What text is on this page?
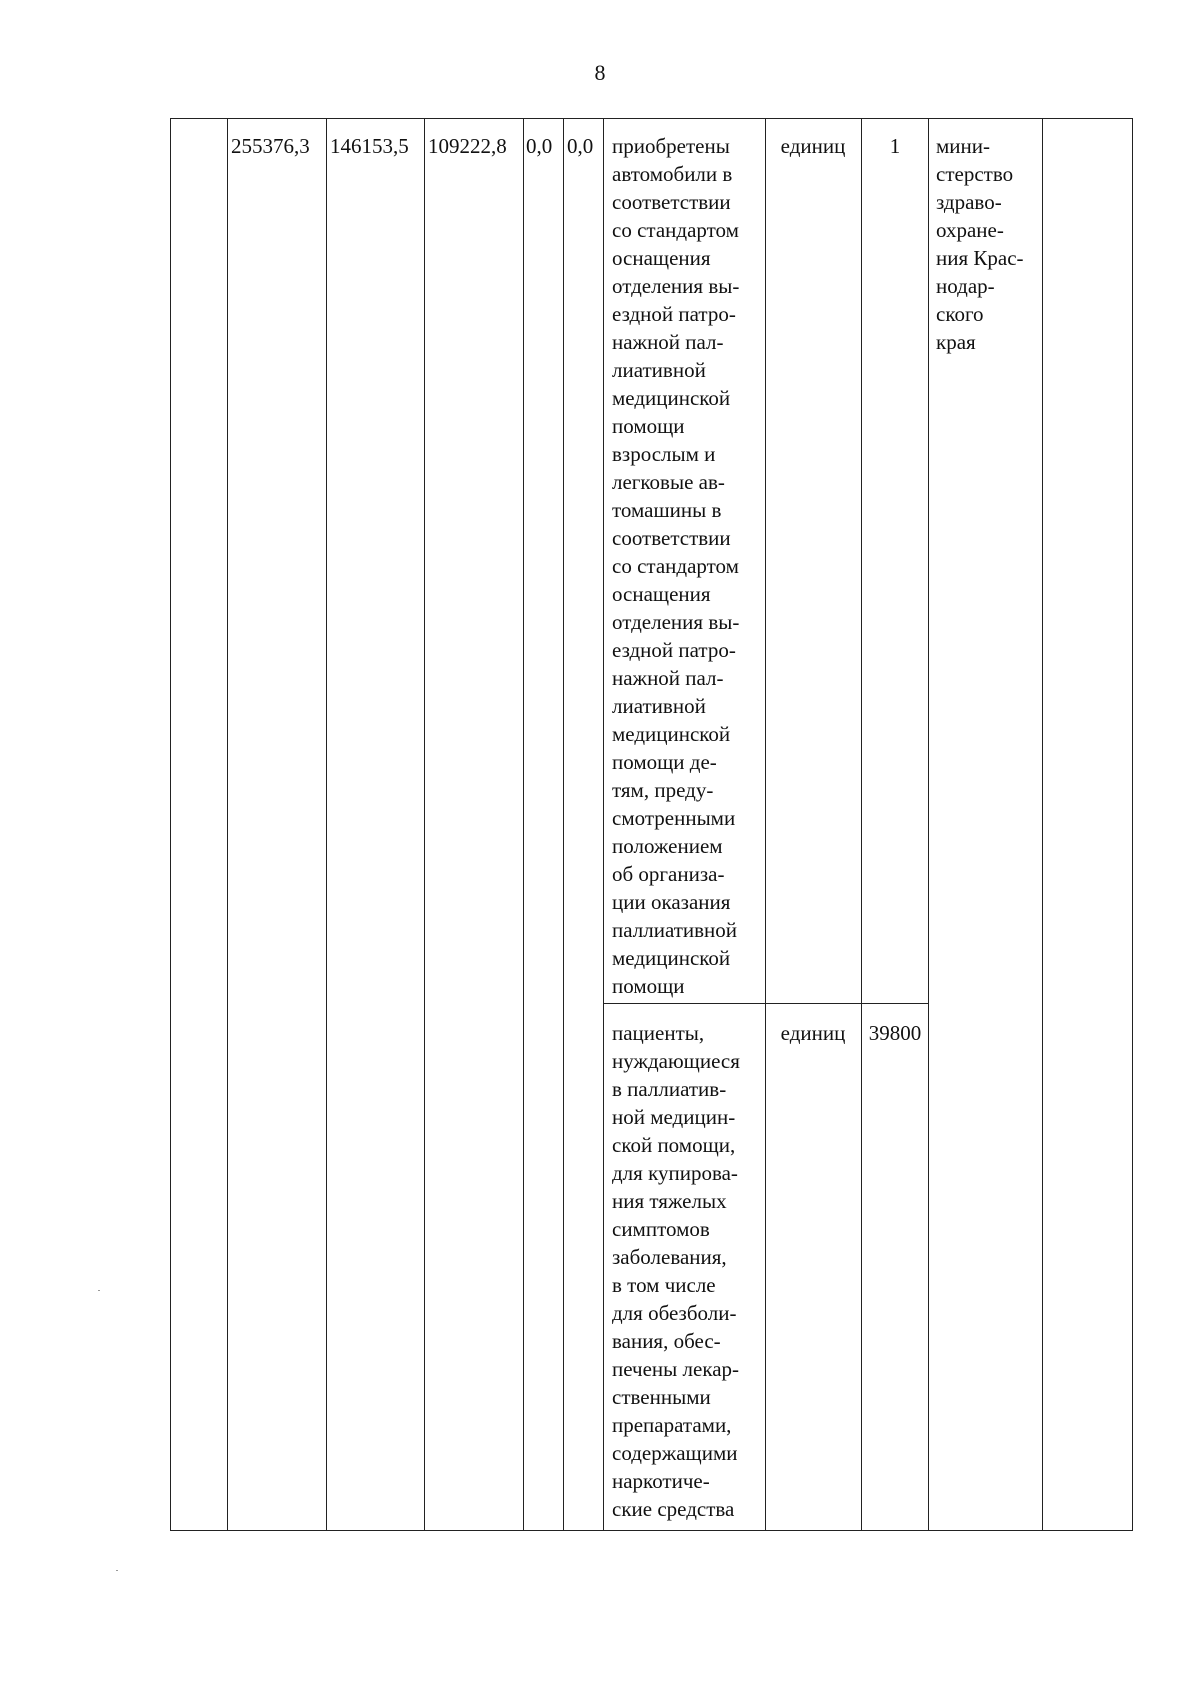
8
255376,3 146153,5 109222,8 0,0 0,0 приобретены
автомобили в
соответствии
со стандартом
оснащения
отделения вы-
ездной патро-
нажной пал-
лиативной
медицинской
помощи
взрослым и
легковые ав-
томашины в
соответствии
со стандартом
оснащения
отделения вы-
ездной патро-
нажной пал-
лиативной
медицинской
помощи де-
тям, преду-
смотренными
положением
об организа-
ции оказания
паллиативной
медицинской
помощи
единиц	1
пациенты,
нуждающиеся
в паллиатив-
ной медицин-
ской помощи,
для купирова-
ния тяжелых
симптомов
заболевания,
в том числе
для обезболи-
вания, обес-
печены лекар-
ственными
препаратами,
содержащими
наркотиче-
ские средства
единиц	39800
мини-
стерство
здраво-
охране-
ния Крас-
нодар-
ского
края
